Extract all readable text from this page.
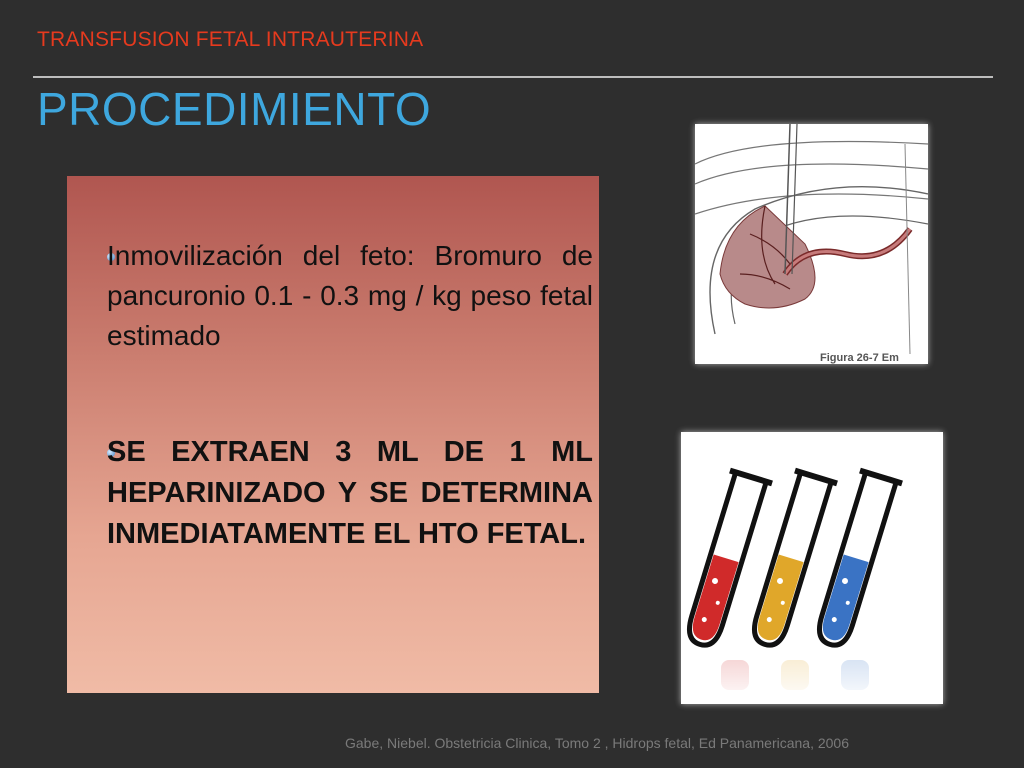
TRANSFUSION FETAL INTRAUTERINA
PROCEDIMIENTO
Inmovilización del feto: Bromuro de pancuronio 0.1 - 0.3 mg / kg peso fetal estimado
SE EXTRAEN 3 ML DE 1 ML HEPARINIZADO Y SE DETERMINA INMEDIATAMENTE EL HTO FETAL.
Figura 26-7 Em
Gabe, Niebel. Obstetricia Clinica, Tomo 2 , Hidrops fetal, Ed Panamericana, 2006
